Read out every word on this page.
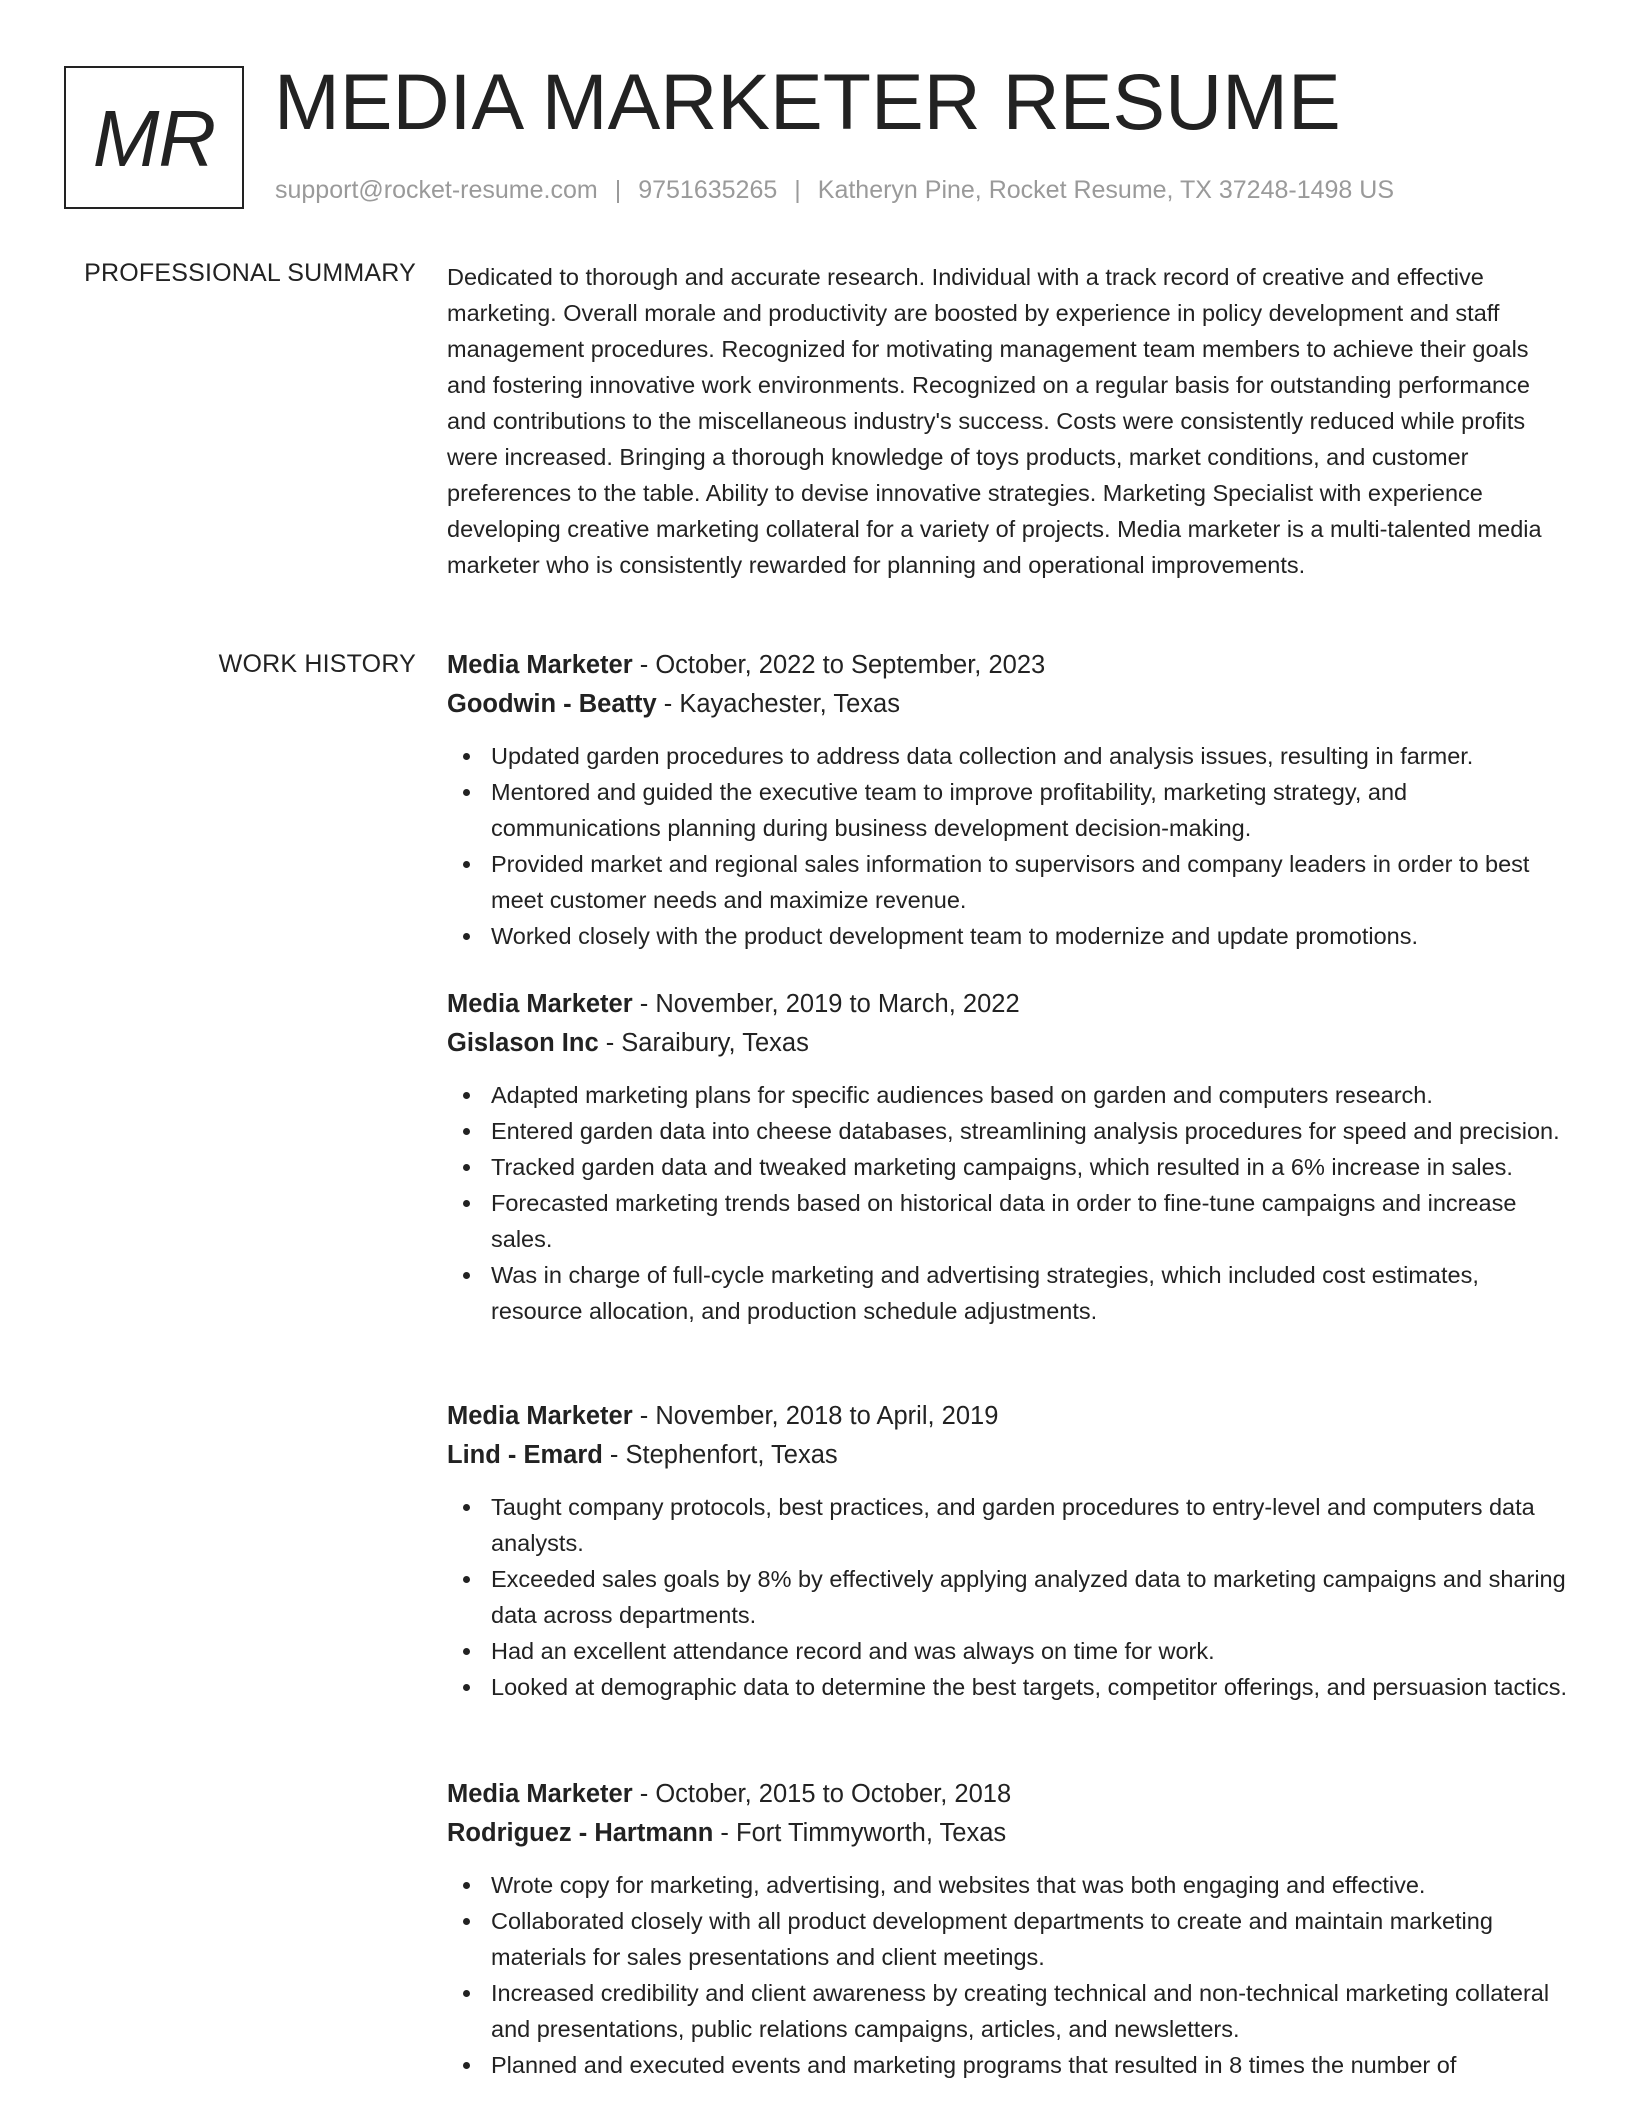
MR MEDIA MARKETER RESUME
support@rocket-resume.com | 9751635265 | Katheryn Pine, Rocket Resume, TX 37248-1498 US
PROFESSIONAL SUMMARY Dedicated to thorough and accurate research. Individual with a track record of creative and effective marketing. Overall morale and productivity are boosted by experience in policy development and staff management procedures. Recognized for motivating management team members to achieve their goals and fostering innovative work environments. Recognized on a regular basis for outstanding performance and contributions to the miscellaneous industry's success. Costs were consistently reduced while profits were increased. Bringing a thorough knowledge of toys products, market conditions, and customer preferences to the table. Ability to devise innovative strategies. Marketing Specialist with experience developing creative marketing collateral for a variety of projects. Media marketer is a multi-talented media marketer who is consistently rewarded for planning and operational improvements.
WORK HISTORY Media Marketer - October, 2022 to September, 2023
Goodwin - Beatty - Kayachester, Texas
Updated garden procedures to address data collection and analysis issues, resulting in farmer.
Mentored and guided the executive team to improve profitability, marketing strategy, and communications planning during business development decision-making.
Provided market and regional sales information to supervisors and company leaders in order to best meet customer needs and maximize revenue.
Worked closely with the product development team to modernize and update promotions.
Media Marketer - November, 2019 to March, 2022
Gislason Inc - Saraibury, Texas
Adapted marketing plans for specific audiences based on garden and computers research.
Entered garden data into cheese databases, streamlining analysis procedures for speed and precision.
Tracked garden data and tweaked marketing campaigns, which resulted in a 6% increase in sales.
Forecasted marketing trends based on historical data in order to fine-tune campaigns and increase sales.
Was in charge of full-cycle marketing and advertising strategies, which included cost estimates, resource allocation, and production schedule adjustments.
Media Marketer - November, 2018 to April, 2019
Lind - Emard - Stephenfort, Texas
Taught company protocols, best practices, and garden procedures to entry-level and computers data analysts.
Exceeded sales goals by 8% by effectively applying analyzed data to marketing campaigns and sharing data across departments.
Had an excellent attendance record and was always on time for work.
Looked at demographic data to determine the best targets, competitor offerings, and persuasion tactics.
Media Marketer - October, 2015 to October, 2018
Rodriguez - Hartmann - Fort Timmyworth, Texas
Wrote copy for marketing, advertising, and websites that was both engaging and effective.
Collaborated closely with all product development departments to create and maintain marketing materials for sales presentations and client meetings.
Increased credibility and client awareness by creating technical and non-technical marketing collateral and presentations, public relations campaigns, articles, and newsletters.
Planned and executed events and marketing programs that resulted in 8 times the number of
